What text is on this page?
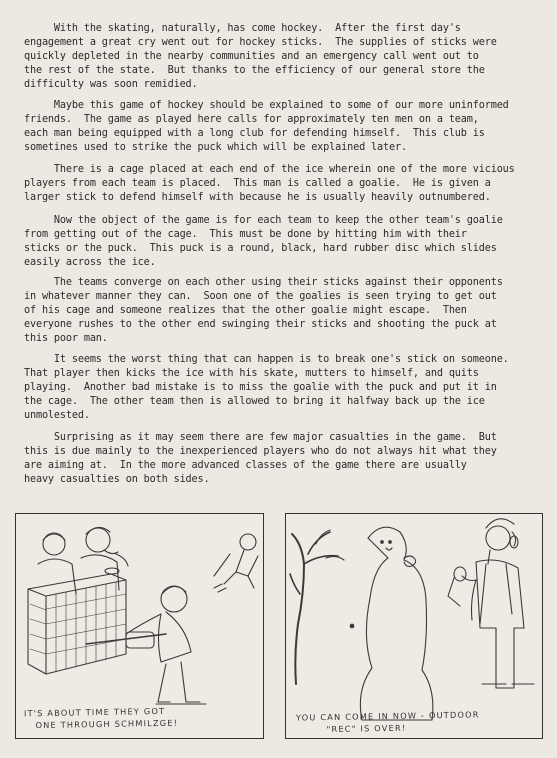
With the skating, naturally, has come hockey.  After the first day's
engagement a great cry went out for hockey sticks.  The supplies of sticks were
quickly depleted in the nearby communities and an emergency call went out to
the rest of the state.  But thanks to the efficiency of our general store the
difficulty was soon remidied.

Maybe this game of hockey should be explained to some of our more uninformed
friends.  The game as played here calls for approximately ten men on a team,
each man being equipped with a long club for defending himself.  This club is
sometines used to strike the puck which will be explained later.

There is a cage placed at each end of the ice wherein one of the more vicious
players from each team is placed.  This man is called a goalie.  He is given a
larger stick to defend himself with because he is usually heavily outnumbered.

Now the object of the game is for each team to keep the other team's goalie
from getting out of the cage.  This must be done by hitting him with their
sticks or the puck.  This puck is a round, black, hard rubber disc which slides
easily across the ice.

The teams converge on each other using their sticks against their opponents
in whatever manner they can.  Soon one of the goalies is seen trying to get out
of his cage and someone realizes that the other goalie might escape.  Then
everyone rushes to the other end swinging their sticks and shooting the puck at
this poor man.

It seems the worst thing that can happen is to break one's stick on someone.
That player then kicks the ice with his skate, mutters to himself, and quits
playing.  Another bad mistake is to miss the goalie with the puck and put it in
the cage.  The other team then is allowed to bring it halfway back up the ice
unmolested.

Surprising as it may seem there are few major casualties in the game.  But
this is due mainly to the inexperienced players who do not always hit what they
are aiming at.  In the more advanced classes of the game there are usually
heavy casualties on both sides.

IT'S ABOUT TIME THEY GOT
ONE THROUGH SCHMILZGE!
YOU CAN COME IN NOW - OUTDOOR
"REC" IS OVER!
